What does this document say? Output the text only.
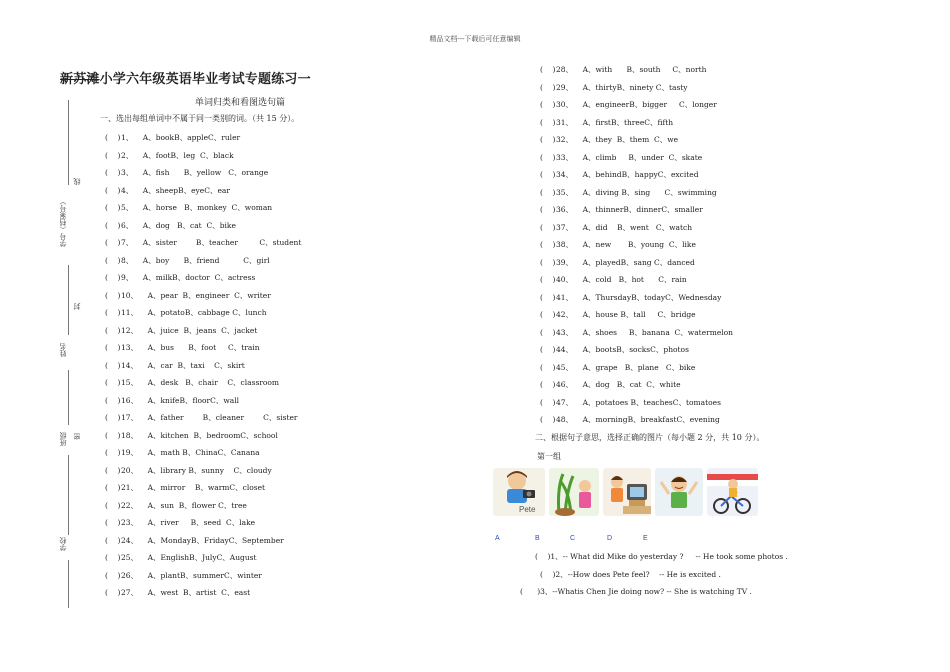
精品文档---下载后可任意编辑
学号（档案号）
姓名
班级
学校
线
封
密
新苏滩小学六年级英语毕业考试专题练习一
单词归类和看图选句篇
一、选出每组单词中不属于同一类别的词。（共 15 分）。
(    )1、    A、bookB、appleC、ruler
(    )2、    A、footB、leg  C、black
(    )3、    A、fish      B、yellow   C、orange
(    )4、    A、sheepB、eyeC、ear
(    )5、    A、horse   B、monkey  C、woman
(    )6、    A、dog   B、cat  C、bike
(    )7、    A、sister        B、teacher         C、student
(    )8、    A、boy      B、friend          C、girl
(    )9、    A、milkB、doctor  C、actress
(    )10、    A、pear  B、engineer  C、writer
(    )11、    A、potatoB、cabbage C、lunch
(    )12、    A、juice  B、jeans  C、jacket
(    )13、    A、bus      B、foot     C、train
(    )14、    A、car  B、taxi    C、skirt
(    )15、    A、desk   B、chair    C、classroom
(    )16、    A、knifeB、floorC、wall
(    )17、    A、father        B、cleaner        C、sister
(    )18、    A、kitchen  B、bedroomC、school
(    )19、    A、math B、ChinaC、Canana
(    )20、    A、library B、sunny    C、cloudy
(    )21、    A、mirror    B、warmC、closet
(    )22、    A、sun  B、flower C、tree
(    )23、    A、river     B、seed  C、lake
(    )24、    A、MondayB、FridayC、September
(    )25、    A、EnglishB、JulyC、August
(    )26、    A、plantB、summerC、winter
(    )27、    A、west  B、artist  C、east
(    )28、    A、with      B、south     C、north
(    )29、    A、thirtyB、ninety C、tasty
(    )30、    A、engineerB、bigger     C、longer
(    )31、    A、firstB、threeC、fifth
(    )32、    A、they  B、them  C、we
(    )33、    A、climb     B、under  C、skate
(    )34、    A、behindB、happyC、excited
(    )35、    A、diving B、sing      C、swimming
(    )36、    A、thinnerB、dinnerC、smaller
(    )37、    A、did    B、went   C、watch
(    )38、    A、new       B、young  C、like
(    )39、    A、playedB、sang C、danced
(    )40、    A、cold   B、hot      C、rain
(    )41、    A、ThursdayB、todayC、Wednesday
(    )42、    A、house B、tall     C、bridge
(    )43、    A、shoes     B、banana  C、watermelon
(    )44、    A、bootsB、socksC、photos
(    )45、    A、grape   B、plane   C、bike
(    )46、    A、dog   B、cat  C、white
(    )47、    A、potatoes B、teachesC、tomatoes
(    )48、    A、morningB、breakfastC、evening
二、根据句子意思，选择正确的图片（每小题 2 分，共 10 分）。
第一组
Pete
A	B	C	D	E
(    )1、-- What did Mike do yesterday ?     -- He took some photos .
(    )2、--How does Pete feel?    -- He is excited .
(      )3、--Whatis Chen Jie doing now? -- She is watching TV .
